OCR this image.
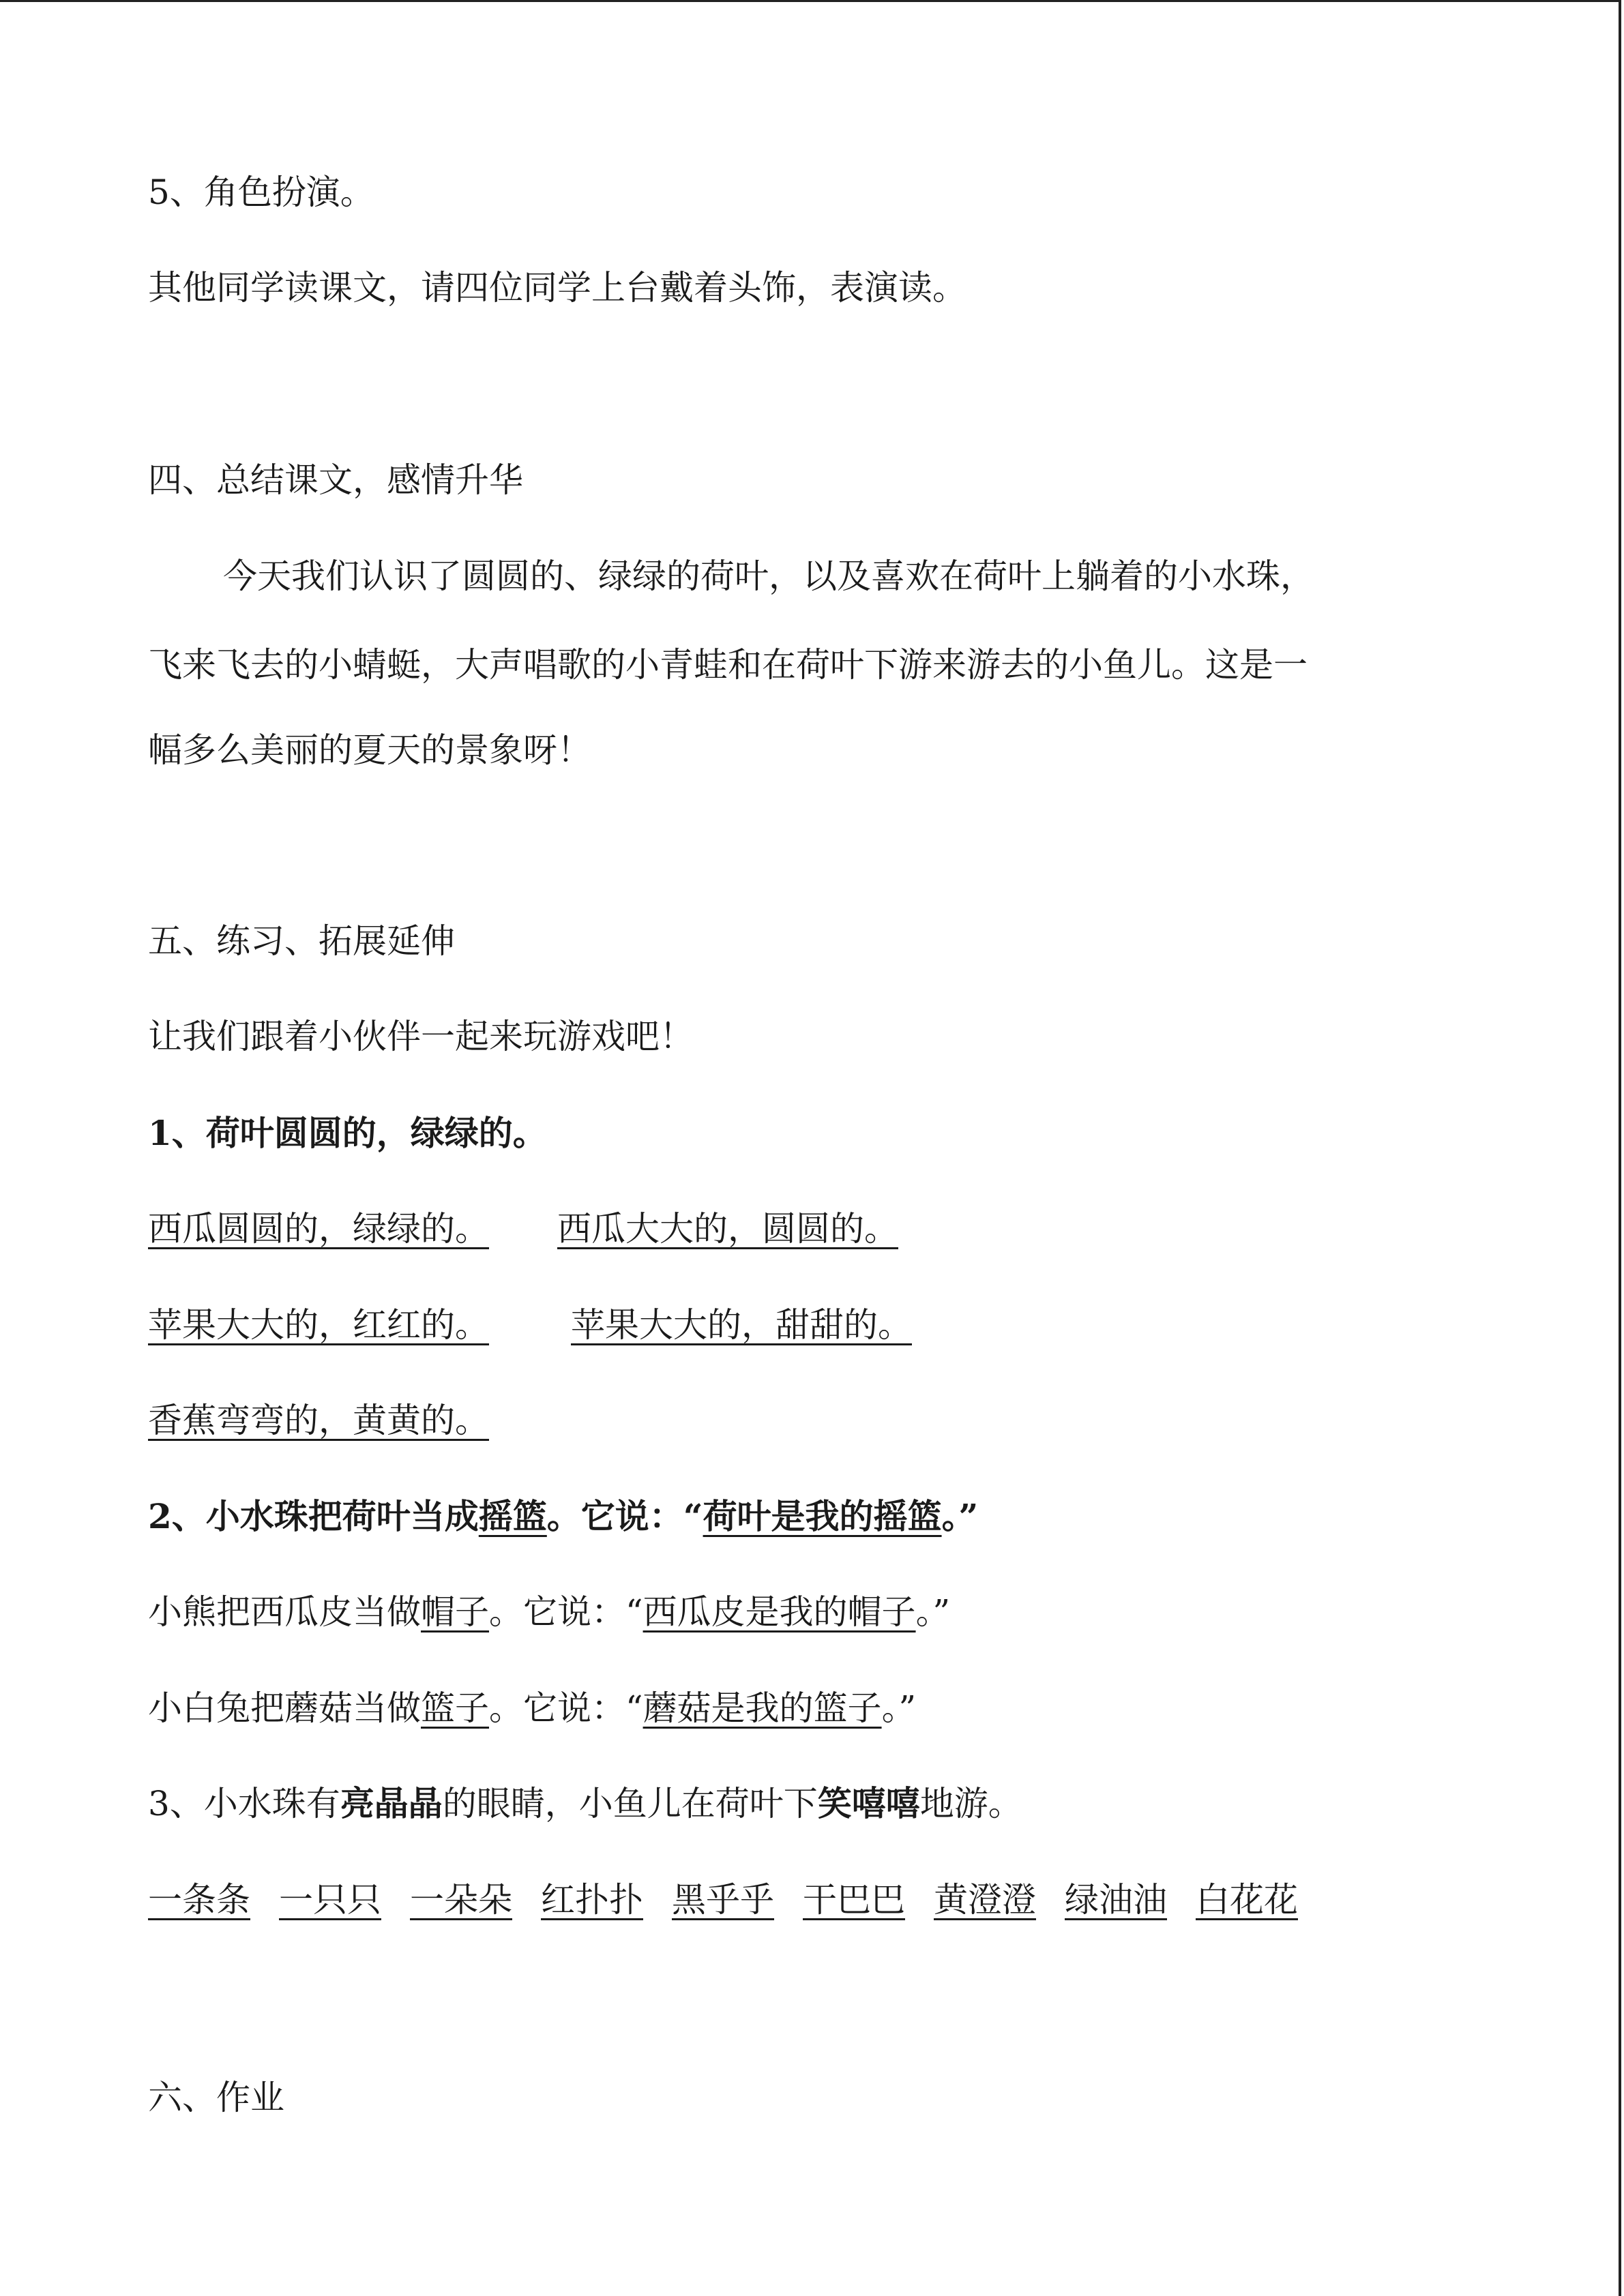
5、角色扮演。

其他同学读课文，请四位同学上台戴着头饰，表演读。

四、总结课文，感情升华

今天我们认识了圆圆的、绿绿的荷叶，以及喜欢在荷叶上躺着的小水珠，

飞来飞去的小蜻蜓，大声唱歌的小青蛙和在荷叶下游来游去的小鱼儿。这是一

幅多么美丽的夏天的景象呀！

五、练习、拓展延伸

让我们跟着小伙伴一起来玩游戏吧！

1、荷叶圆圆的，绿绿的。

西瓜圆圆的，绿绿的。 西瓜大大的，圆圆的。

苹果大大的，红红的。 苹果大大的，甜甜的。

香蕉弯弯的，黄黄的。

2、小水珠把荷叶当成摇篮。它说：“荷叶是我的摇篮。”

小熊把西瓜皮当做帽子。它说：“西瓜皮是我的帽子。”

小白兔把蘑菇当做篮子。它说：“蘑菇是我的篮子。”

3、小水珠有亮晶晶的眼睛，小鱼儿在荷叶下笑嘻嘻地游。

一条条 一只只 一朵朵 红扑扑 黑乎乎 干巴巴 黄澄澄 绿油油 白花花

六、作业
